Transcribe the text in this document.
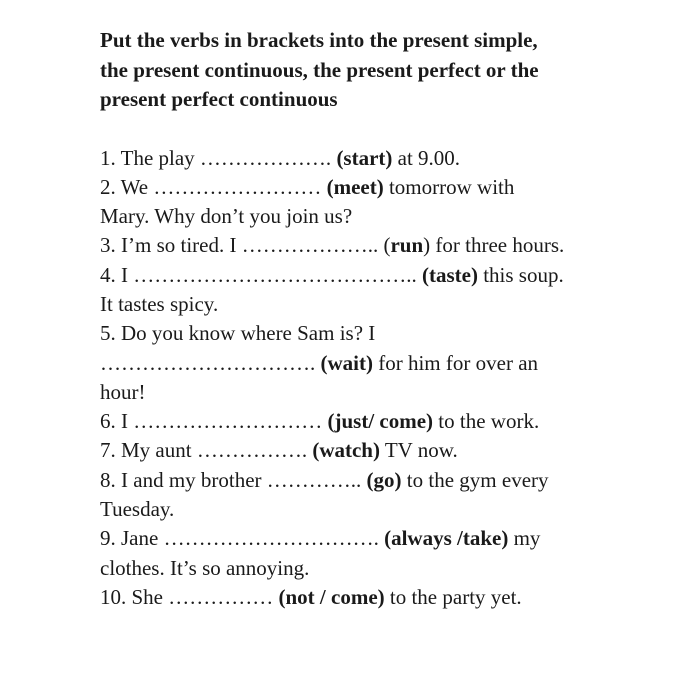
Put the verbs in brackets into the present simple,
the present continuous, the present perfect or the
present perfect continuous
1. The play ………………. (start) at 9.00.
2. We …………………… (meet) tomorrow with
Mary. Why don’t you join us?
3. I’m so tired. I ……………….. (run) for three hours.
4. I ………………………………….. (taste) this soup.
It tastes spicy.
5. Do you know where Sam is? I
…………………………. (wait) for him for over an
hour!
6. I ……………………… (just/ come) to the work.
7. My aunt ……………. (watch) TV now.
8. I and my brother ………….. (go) to the gym every
Tuesday.
9. Jane …………………………. (always /take) my
clothes. It’s so annoying.
10. She …………… (not / come) to the party yet.
